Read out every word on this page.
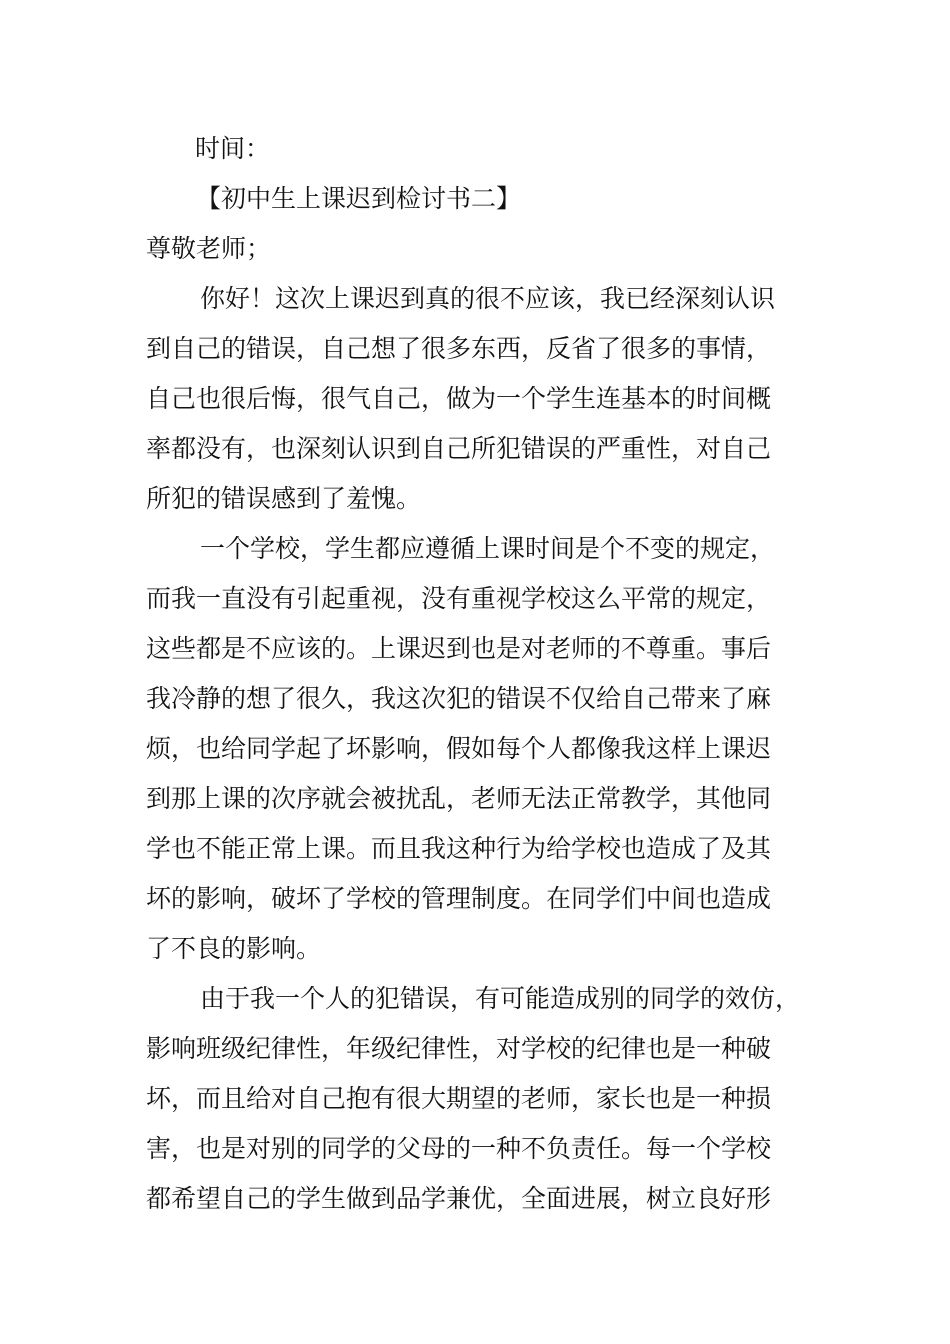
时间：
【初中生上课迟到检讨书二】
尊敬老师；
你好！这次上课迟到真的很不应该，我已经深刻认识
到自己的错误，自己想了很多东西，反省了很多的事情，
自己也很后悔，很气自己，做为一个学生连基本的时间概
率都没有，也深刻认识到自己所犯错误的严重性，对自己
所犯的错误感到了羞愧。
一个学校，学生都应遵循上课时间是个不变的规定，
而我一直没有引起重视，没有重视学校这么平常的规定，
这些都是不应该的。上课迟到也是对老师的不尊重。事后
我冷静的想了很久，我这次犯的错误不仅给自己带来了麻
烦，也给同学起了坏影响，假如每个人都像我这样上课迟
到那上课的次序就会被扰乱，老师无法正常教学，其他同
学也不能正常上课。而且我这种行为给学校也造成了及其
坏的影响，破坏了学校的管理制度。在同学们中间也造成
了不良的影响。
由于我一个人的犯错误，有可能造成别的同学的效仿，
影响班级纪律性，年级纪律性，对学校的纪律也是一种破
坏，而且给对自己抱有很大期望的老师，家长也是一种损
害，也是对别的同学的父母的一种不负责任。每一个学校
都希望自己的学生做到品学兼优，全面进展，树立良好形
